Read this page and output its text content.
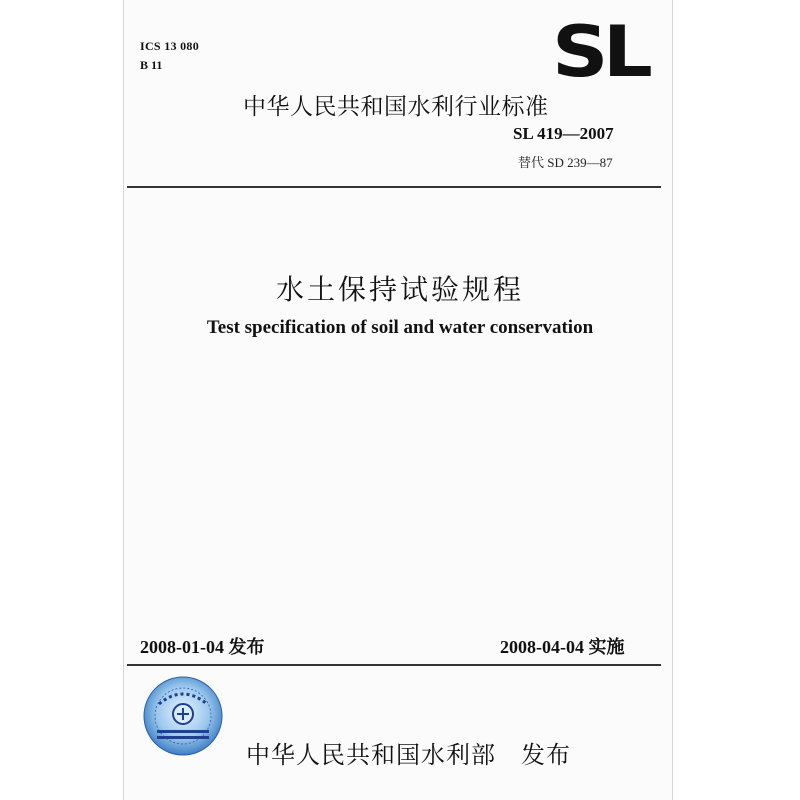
ICS 13 080
B 11	SL
中华人民共和国水利行业标准
SL 419—2007
替代 SD 239—87
水土保持试验规程
Test specification of soil and water conservation
2008-01-04 发布	2008-04-04 实施
中华人民共和国水利部　发布
